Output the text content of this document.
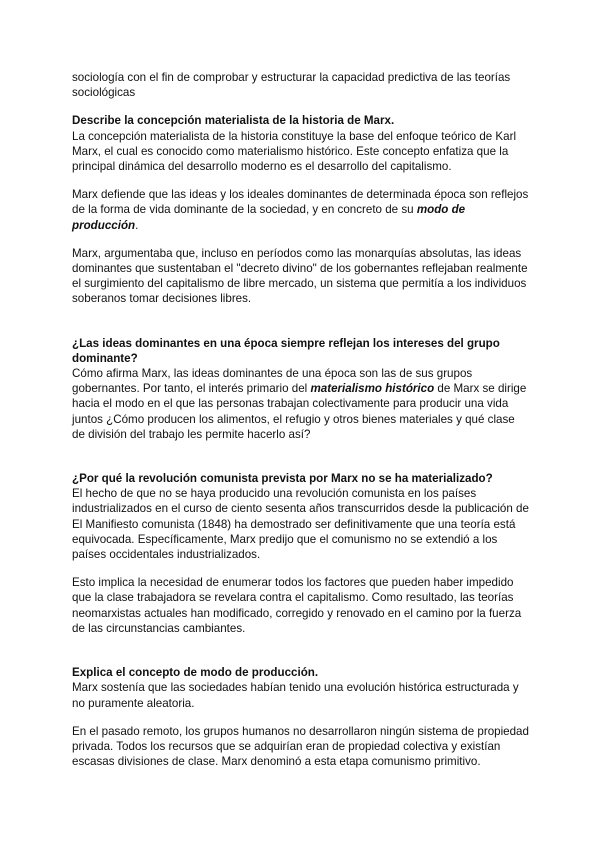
sociología con el fin de comprobar y estructurar la capacidad predictiva de las teorías sociológicas

Describe la concepción materialista de la historia de Marx.

La concepción materialista de la historia constituye la base del enfoque teórico de Karl Marx, el cual es conocido como materialismo histórico. Este concepto enfatiza que la principal dinámica del desarrollo moderno es el desarrollo del capitalismo.

Marx defiende que las ideas y los ideales dominantes de determinada época son reflejos de la forma de vida dominante de la sociedad, y en concreto de su modo de producción.

Marx, argumentaba que, incluso en períodos como las monarquías absolutas, las ideas dominantes que sustentaban el "decreto divino" de los gobernantes reflejaban realmente el surgimiento del capitalismo de libre mercado, un sistema que permitía a los individuos soberanos tomar decisiones libres.

¿Las ideas dominantes en una época siempre reflejan los intereses del grupo dominante?

Cómo afirma Marx, las ideas dominantes de una época son las de sus grupos gobernantes. Por tanto, el interés primario del materialismo histórico de Marx se dirige hacia el modo en el que las personas trabajan colectivamente para producir una vida juntos ¿Cómo producen los alimentos, el refugio y otros bienes materiales y qué clase de división del trabajo les permite hacerlo así?

¿Por qué la revolución comunista prevista por Marx no se ha materializado?

El hecho de que no se haya producido una revolución comunista en los países industrializados en el curso de ciento sesenta años transcurridos desde la publicación de El Manifiesto comunista (1848) ha demostrado ser definitivamente que una teoría está equivocada. Específicamente, Marx predijo que el comunismo no se extendió a los países occidentales industrializados.

Esto implica la necesidad de enumerar todos los factores que pueden haber impedido que la clase trabajadora se revelara contra el capitalismo. Como resultado, las teorías neomarxistas actuales han modificado, corregido y renovado en el camino por la fuerza de las circunstancias cambiantes.

Explica el concepto de modo de producción.

Marx sostenía que las sociedades habían tenido una evolución histórica estructurada y no puramente aleatoria.

En el pasado remoto, los grupos humanos no desarrollaron ningún sistema de propiedad privada. Todos los recursos que se adquirían eran de propiedad colectiva y existían escasas divisiones de clase. Marx denominó a esta etapa comunismo primitivo.
